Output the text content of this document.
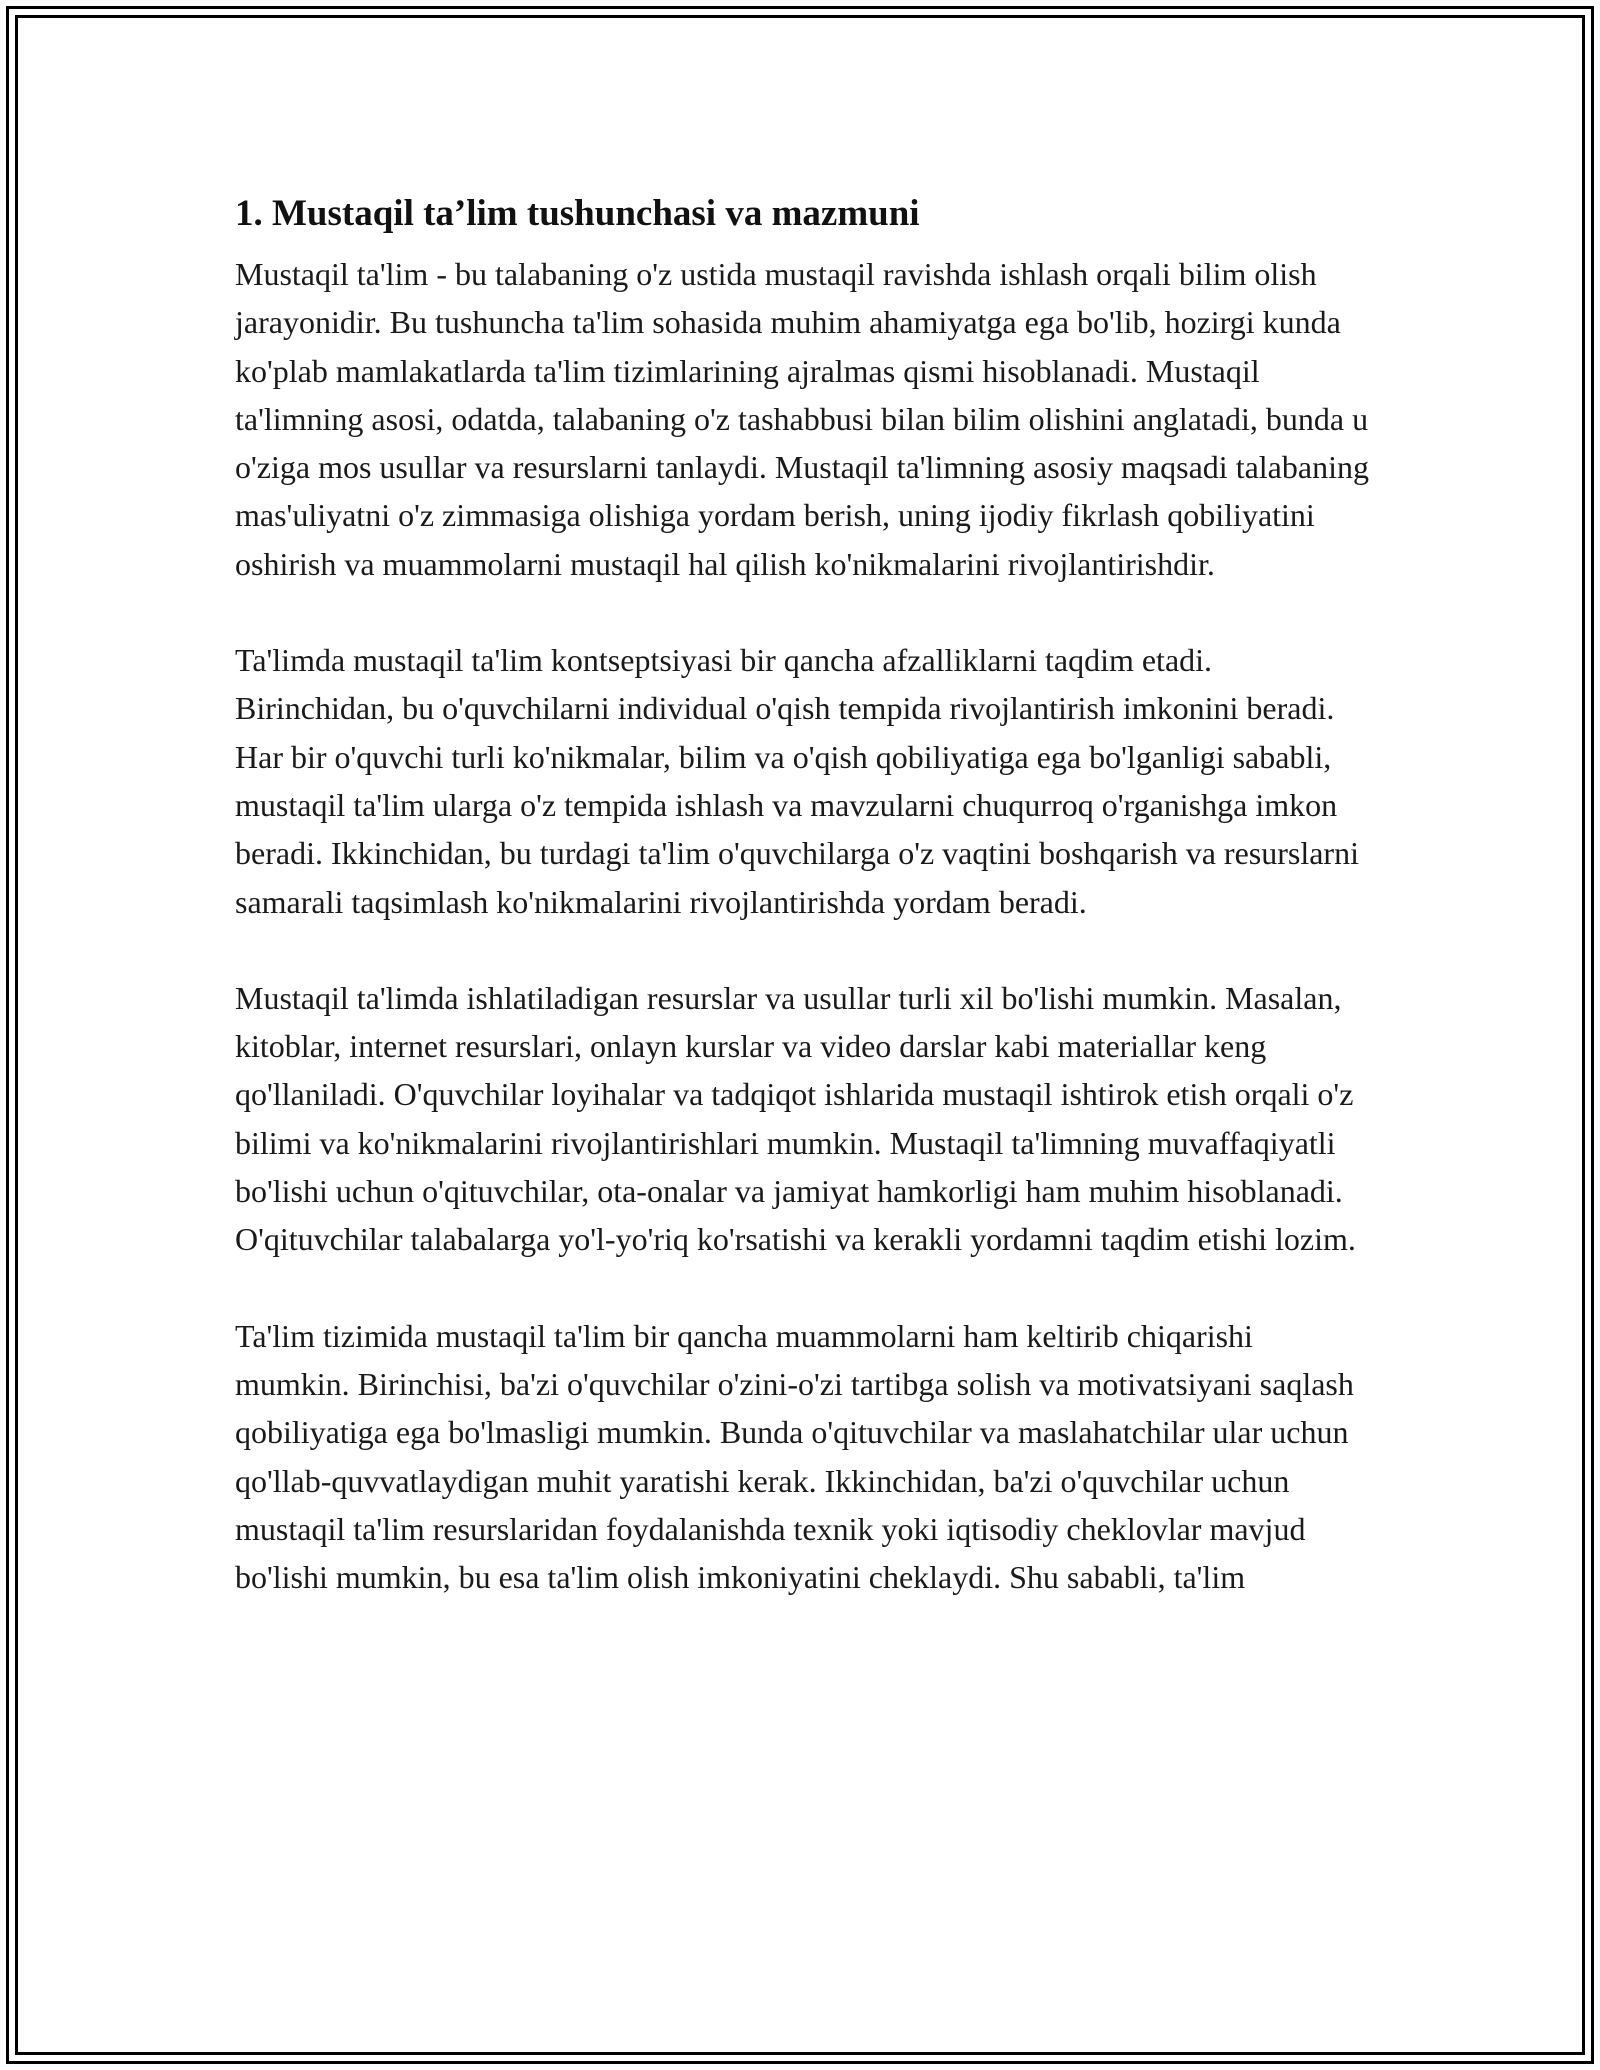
1. Mustaqil ta’lim tushunchasi va mazmuni

Mustaqil ta'lim - bu talabaning o'z ustida mustaqil ravishda ishlash orqali bilim olish jarayonidir. Bu tushuncha ta'lim sohasida muhim ahamiyatga ega bo'lib, hozirgi kunda ko'plab mamlakatlarda ta'lim tizimlarining ajralmas qismi hisoblanadi. Mustaqil ta'limning asosi, odatda, talabaning o'z tashabbusi bilan bilim olishini anglatadi, bunda u o'ziga mos usullar va resurslarni tanlaydi. Mustaqil ta'limning asosiy maqsadi talabaning mas'uliyatni o'z zimmasiga olishiga yordam berish, uning ijodiy fikrlash qobiliyatini oshirish va muammolarni mustaqil hal qilish ko'nikmalarini rivojlantirishdir.

Ta'limda mustaqil ta'lim kontseptsiyasi bir qancha afzalliklarni taqdim etadi. Birinchidan, bu o'quvchilarni individual o'qish tempida rivojlantirish imkonini beradi. Har bir o'quvchi turli ko'nikmalar, bilim va o'qish qobiliyatiga ega bo'lganligi sababli, mustaqil ta'lim ularga o'z tempida ishlash va mavzularni chuqurroq o'rganishga imkon beradi. Ikkinchidan, bu turdagi ta'lim o'quvchilarga o'z vaqtini boshqarish va resurslarni samarali taqsimlash ko'nikmalarini rivojlantirishda yordam beradi.

Mustaqil ta'limda ishlatiladigan resurslar va usullar turli xil bo'lishi mumkin. Masalan, kitoblar, internet resurslari, onlayn kurslar va video darslar kabi materiallar keng qo'llaniladi. O'quvchilar loyihalar va tadqiqot ishlarida mustaqil ishtirok etish orqali o'z bilimi va ko'nikmalarini rivojlantirishlari mumkin. Mustaqil ta'limning muvaffaqiyatli bo'lishi uchun o'qituvchilar, ota-onalar va jamiyat hamkorligi ham muhim hisoblanadi. O'qituvchilar talabalarga yo'l-yo'riq ko'rsatishi va kerakli yordamni taqdim etishi lozim.

Ta'lim tizimida mustaqil ta'lim bir qancha muammolarni ham keltirib chiqarishi mumkin. Birinchisi, ba'zi o'quvchilar o'zini-o'zi tartibga solish va motivatsiyani saqlash qobiliyatiga ega bo'lmasligi mumkin. Bunda o'qituvchilar va maslahatchilar ular uchun qo'llab-quvvatlaydigan muhit yaratishi kerak. Ikkinchidan, ba'zi o'quvchilar uchun mustaqil ta'lim resurslaridan foydalanishda texnik yoki iqtisodiy cheklovlar mavjud bo'lishi mumkin, bu esa ta'lim olish imkoniyatini cheklaydi. Shu sababli, ta'lim
